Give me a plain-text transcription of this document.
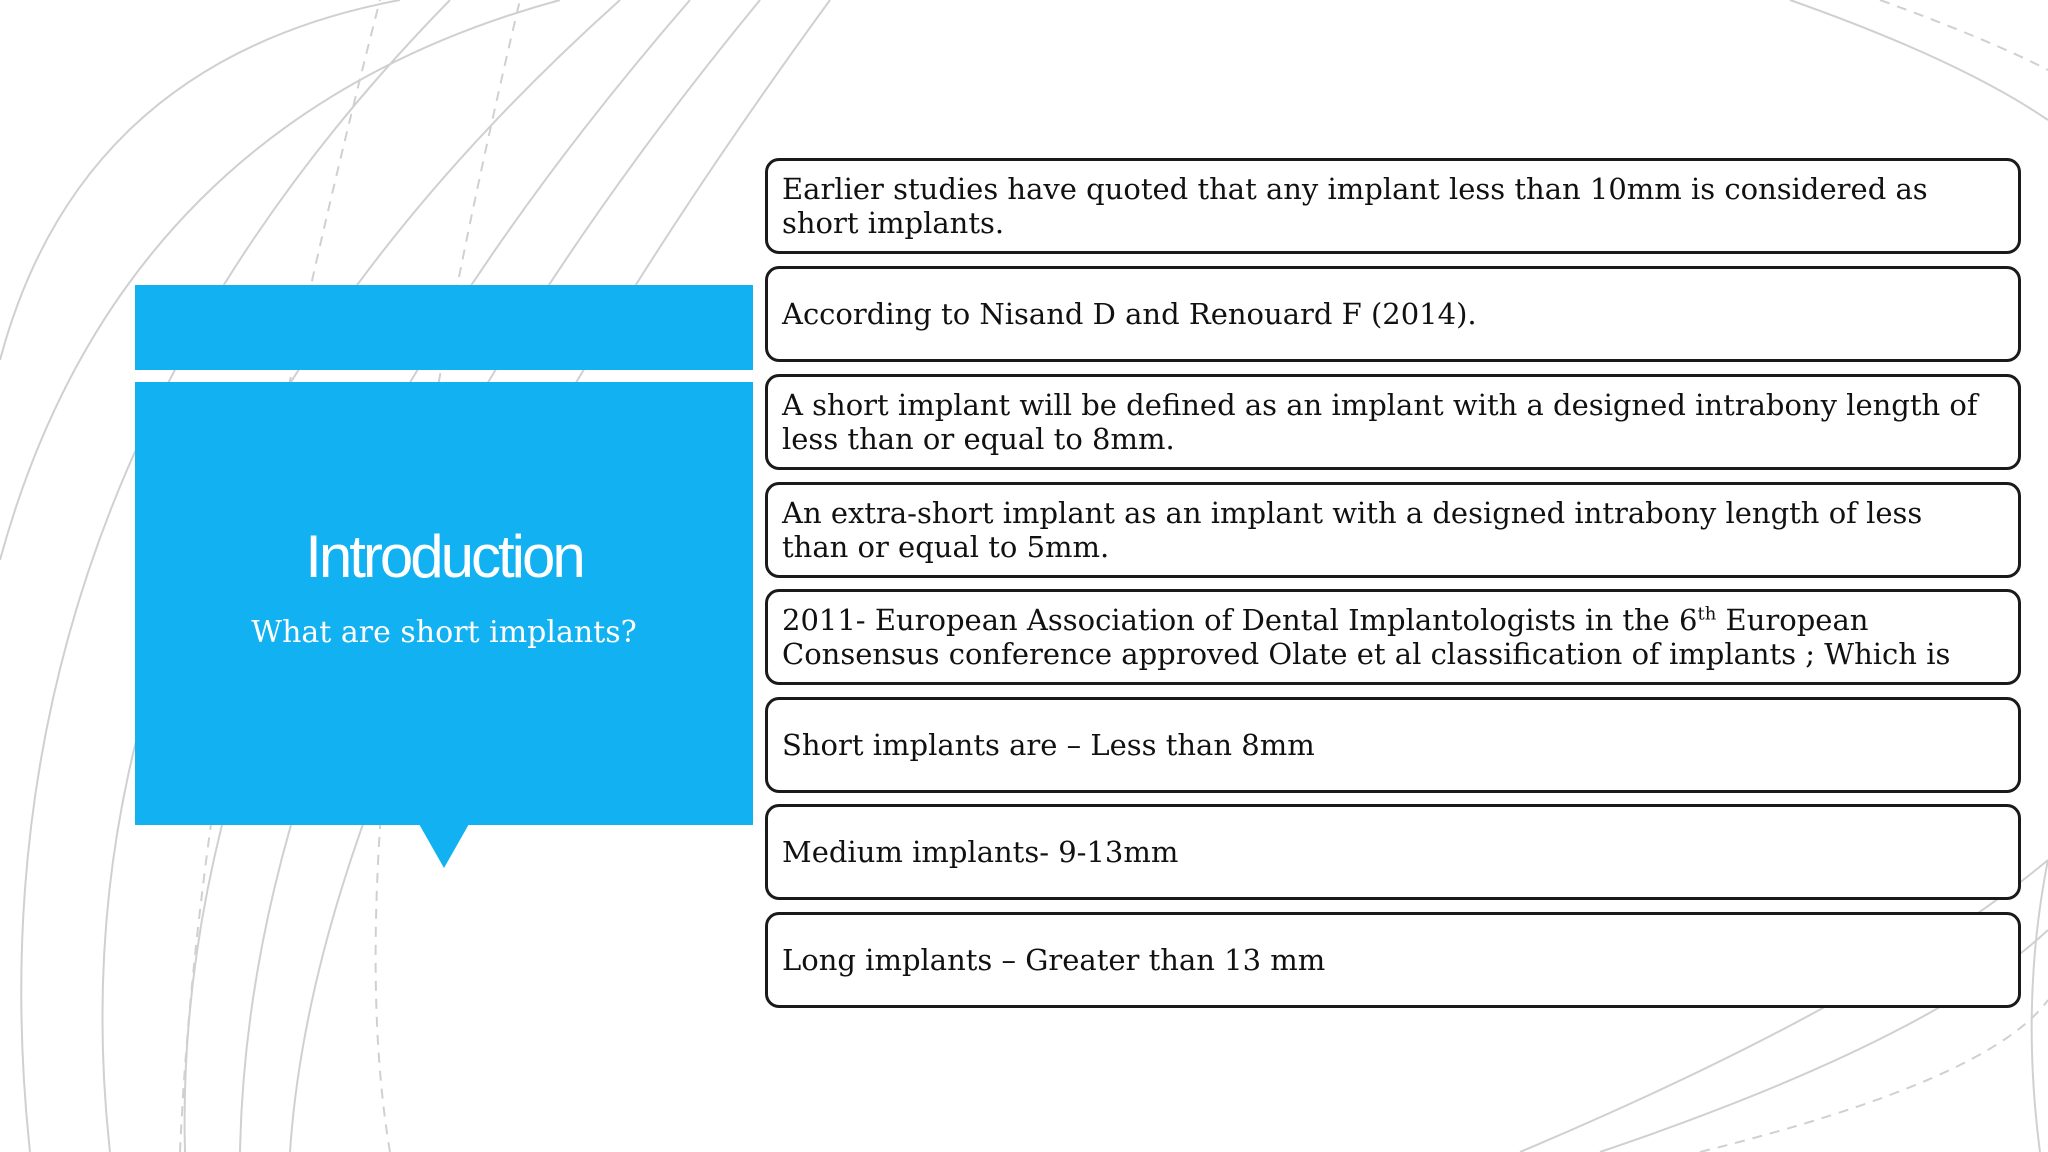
Introduction
What are short implants?
Earlier studies have quoted that any implant less than 10mm is considered as
short implants.
According to Nisand D and Renouard F (2014).
A short implant will be defined as an implant with a designed intrabony length of
less than or equal to 8mm.
An extra-short implant as an implant with a designed intrabony length of less
than or equal to 5mm.
2011- European Association of Dental Implantologists in the 6th European
Consensus conference approved Olate et al classification of implants ; Which is
Short implants are – Less than 8mm
Medium implants- 9-13mm
Long implants – Greater than 13 mm
